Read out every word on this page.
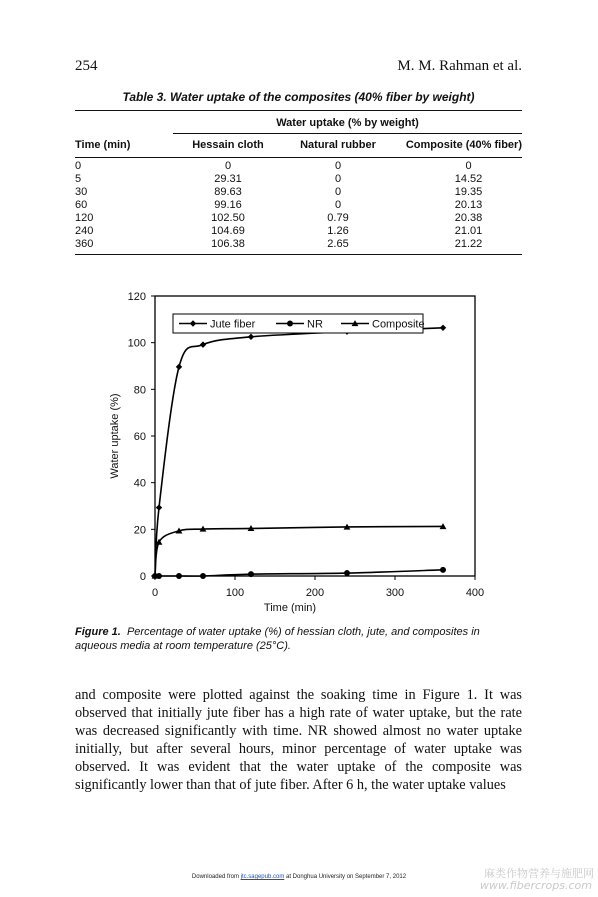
254	M. M. Rahman et al.
Table 3. Water uptake of the composites (40% fiber by weight)

	Water uptake (% by weight)		
Time (min)	Hessain cloth	Natural rubber	Composite (40% fiber)
0	0	0	0
5	29.31	0	14.52
30	89.63	0	19.35
60	99.16	0	20.13
120	102.50	0.79	20.38
240	104.69	1.26	21.01
360	106.38	2.65	21.22
0
20
40
60
80
100
120
0	100	200	300	400
Time (min)
Water uptake (%)
Jute fiber	NR	Composite
Figure 1. Percentage of water uptake (%) of hessian cloth, jute, and composites in aqueous media at room temperature (25°C).
and composite were plotted against the soaking time in Figure 1. It was observed that initially jute fiber has a high rate of water uptake, but the rate was decreased significantly with time. NR showed almost no water uptake initially, but after several hours, minor percentage of water uptake was observed. It was evident that the water uptake of the composite was significantly lower than that of jute fiber. After 6 h, the water uptake values
Downloaded from jtc.sagepub.com at Donghua University on September 7, 2012	麻类作物营养与施肥网
www.fibercrops.com
